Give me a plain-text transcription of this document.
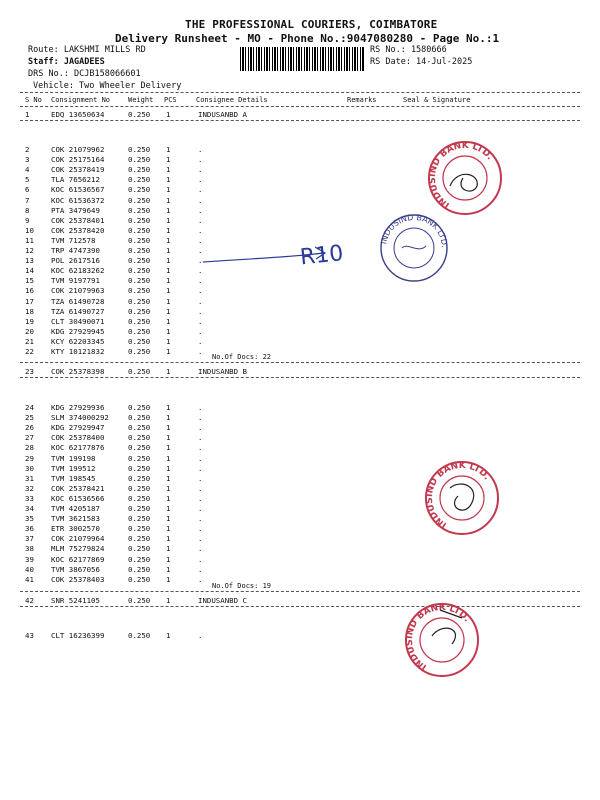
THE PROFESSIONAL COURIERS, COIMBATORE
Delivery Runsheet - MO - Phone No.:9047080280 - Page No.:1
Route: LAKSHMI MILLS RD
Staff: JAGADEES
DRS No.: DCJB158066601
Vehicle: Two Wheeler Delivery
RS No.: 1580666
RS Date: 14-Jul-2025
S No Consignment No	Weight PCS	Consignee Details	Remarks	Seal & Signature
1	EDQ 13650634	0.250 1	INDUSANBD A
2	COK 21079962	0.250 1	.
3	COK 25175164	0.250 1	.
4	COK 25378419	0.250 1	.
5	TLA 7656212	0.250 1	.
6	KOC 61536567	0.250 1	.
7	KOC 61536372	0.250 1	.
8	PTA 3479649	0.250 1	.
9	COK 25378401	0.250 1	.
10 COK 25378420	0.250 1	.
11 TVM 712578	0.250 1	.
12 TRP 4747390	0.250 1	.
13 POL 2617516	0.250 1	.
14 KOC 62183262	0.250 1	.
15 TVM 9197791	0.250 1	.
16 COK 21079963	0.250 1	.
17 TZA 61490728	0.250 1	.
18 TZA 61490727	0.250 1	.
19 CLT 30490071	0.250 1	.
20 KDG 27929945	0.250 1	.
21 KCY 62203345	0.250 1	.
22 KTY 10121832	0.250 1	.
No.Of Docs: 22
23 COK 25378398	0.250 1	INDUSANBD B
24 KDG 27929936	0.250 1	.
25 SLM 374000292	0.250 1	.
26 KDG 27929947	0.250 1	.
27 COK 25378400	0.250 1	.
28 KOC 62177876	0.250 1	.
29 TVM 199198	0.250 1	.
30 TVM 199512	0.250 1	.
31 TVM 198545	0.250 1	.
32 COK 25378421	0.250 1	.
33 KOC 61536566	0.250 1	.
34 TVM 4205187	0.250 1	.
35 TVM 3621583	0.250 1	.
36 ETR 3002570	0.250 1	.
37 COK 21079964	0.250 1	.
38 MLM 75279824	0.250 1	.
39 KOC 62177869	0.250 1	.
40 TVM 3867056	0.250 1	.
41 COK 25378403	0.250 1	.
No.Of Docs: 19
42 SNR 5241105	0.250 1	INDUSANBD C
43 CLT 16236399	0.250 1	.
R10	INDUSIND BANK LTD.
INDUSIND BANK LTD.
INDUSIND BANK LTD.
INDUSIND BANK LTD.
